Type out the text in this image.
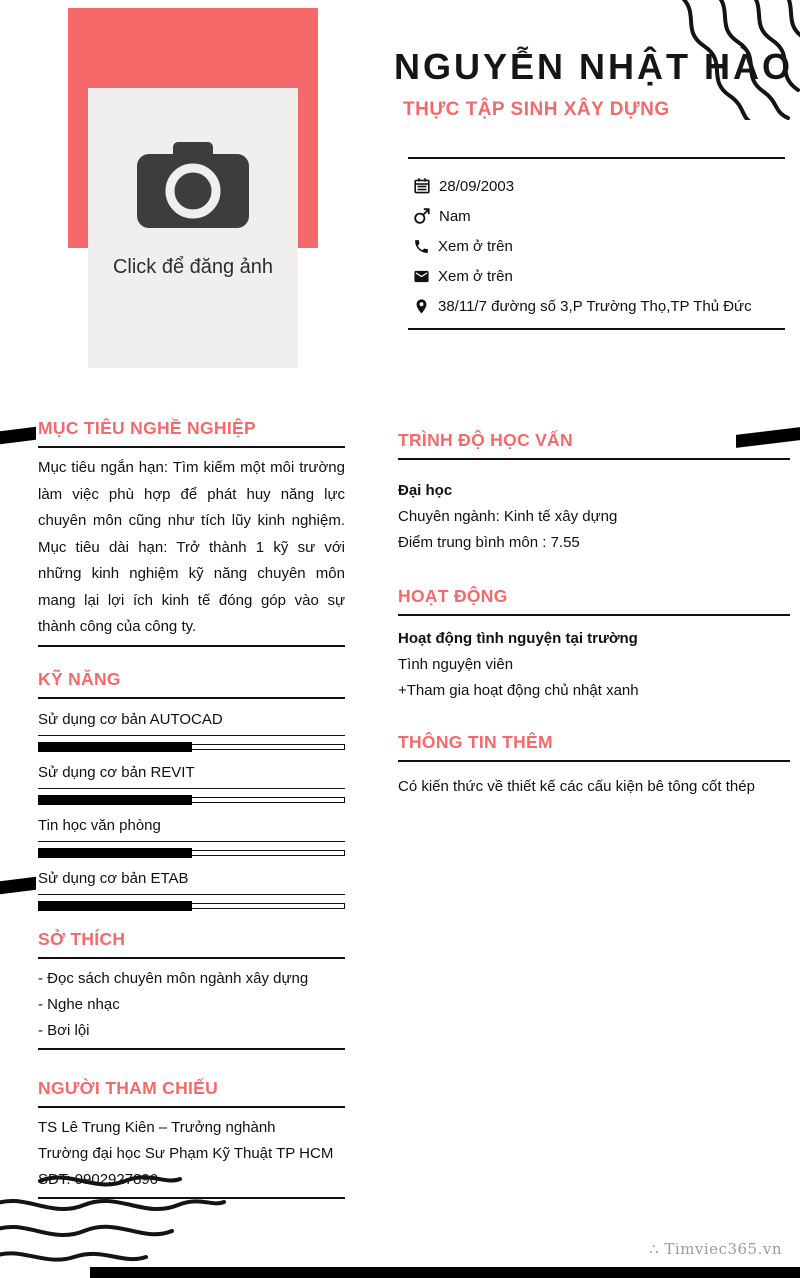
Click để đăng ảnh
NGUYỄN NHẬT HÀO
THỰC TẬP SINH XÂY DỰNG
28/09/2003
Nam
Xem ở trên
Xem ở trên
38/11/7 đường số 3,P Trường Thọ,TP Thủ Đức
MỤC TIÊU NGHỀ NGHIỆP
Mục tiêu ngắn hạn: Tìm kiếm một môi trường làm việc phù hợp để phát huy năng lực chuyên môn cũng như tích lũy kinh nghiệm. Mục tiêu dài hạn: Trở thành 1 kỹ sư với những kinh nghiệm kỹ năng chuyên môn mang lại lợi ích kinh tế đóng góp vào sự thành công của công ty.
KỸ NĂNG
Sử dụng cơ bản AUTOCAD
Sử dụng cơ bản REVIT
Tin học văn phòng
Sử dụng cơ bản ETAB
SỞ THÍCH
- Đọc sách chuyên môn ngành xây dựng
- Nghe nhạc
- Bơi lội
NGƯỜI THAM CHIẾU
TS Lê Trung Kiên – Trưởng nghành
Trường đại học Sư Phạm Kỹ Thuật TP HCM
SĐT: 0902927890
TRÌNH ĐỘ HỌC VẤN
Đại học
Chuyên ngành: Kinh tế xây dựng
Điểm trung bình môn : 7.55
HOẠT ĐỘNG
Hoạt động tình nguyện tại trường
Tình nguyện viên
+Tham gia hoạt động chủ nhật xanh
THÔNG TIN THÊM
Có kiến thức về thiết kế các cấu kiện bê tông cốt thép
∴ Timviec365.vn
